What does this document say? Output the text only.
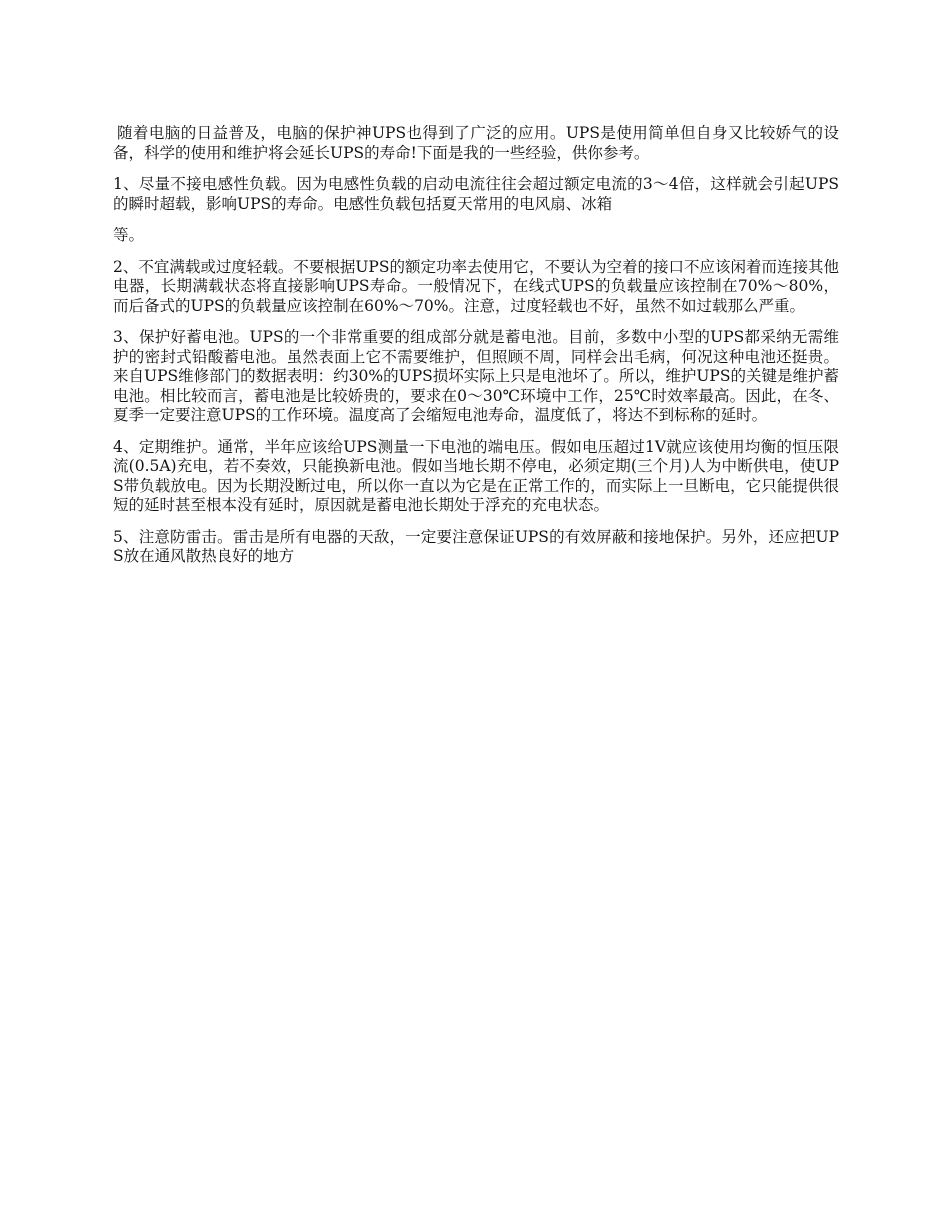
随着电脑的日益普及，电脑的保护神UPS也得到了广泛的应用。UPS是使用简单但自身又比较娇气的设备，科学的使用和维护将会延长UPS的寿命!下面是我的一些经验，供你参考。

1、尽量不接电感性负载。因为电感性负载的启动电流往往会超过额定电流的3～4倍，这样就会引起UPS的瞬时超载，影响UPS的寿命。电感性负载包括夏天常用的电风扇、冰箱

等。

2、不宜满载或过度轻载。不要根据UPS的额定功率去使用它，不要认为空着的接口不应该闲着而连接其他电器，长期满载状态将直接影响UPS寿命。一般情况下，在线式UPS的负载量应该控制在70%～80%，而后备式的UPS的负载量应该控制在60%～70%。注意，过度轻载也不好，虽然不如过载那么严重。

3、保护好蓄电池。UPS的一个非常重要的组成部分就是蓄电池。目前，多数中小型的UPS都采纳无需维护的密封式铅酸蓄电池。虽然表面上它不需要维护，但照顾不周，同样会出毛病，何况这种电池还挺贵。来自UPS维修部门的数据表明：约30%的UPS损坏实际上只是电池坏了。所以，维护UPS的关键是维护蓄电池。相比较而言，蓄电池是比较娇贵的，要求在0～30℃环境中工作，25℃时效率最高。因此，在冬、夏季一定要注意UPS的工作环境。温度高了会缩短电池寿命，温度低了，将达不到标称的延时。

4、定期维护。通常，半年应该给UPS测量一下电池的端电压。假如电压超过1V就应该使用均衡的恒压限流(0.5A)充电，若不奏效，只能换新电池。假如当地长期不停电，必须定期(三个月)人为中断供电，使UPS带负载放电。因为长期没断过电，所以你一直以为它是在正常工作的，而实际上一旦断电，它只能提供很短的延时甚至根本没有延时，原因就是蓄电池长期处于浮充的充电状态。

5、注意防雷击。雷击是所有电器的天敌，一定要注意保证UPS的有效屏蔽和接地保护。另外，还应把UPS放在通风散热良好的地方
